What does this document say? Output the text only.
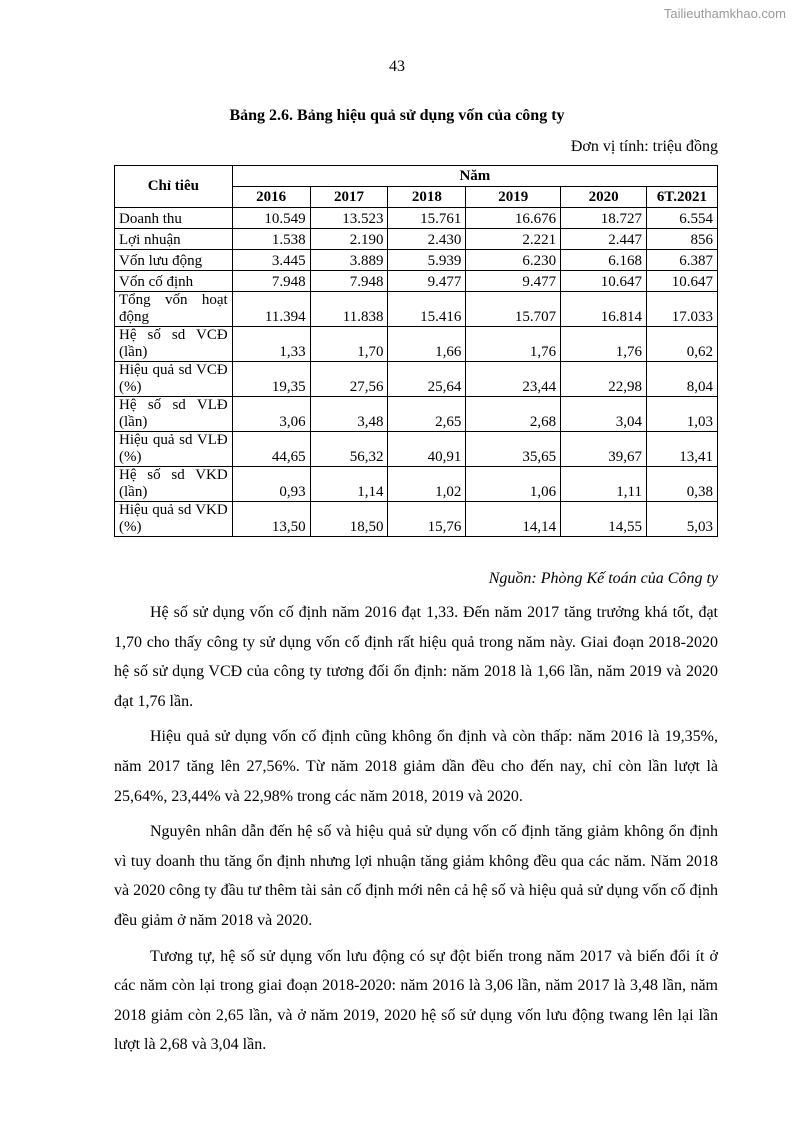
Tailieuthamkhao.com
43
Bảng 2.6. Bảng hiệu quả sử dụng vốn của công ty
Đơn vị tính: triệu đồng
Chỉ tiêu	Năm					
	2016	2017	2018	2019	2020	6T.2021
Doanh thu	10.549	13.523	15.761	16.676	18.727	6.554
Lợi nhuận	1.538	2.190	2.430	2.221	2.447	856
Vốn lưu động	3.445	3.889	5.939	6.230	6.168	6.387
Vốn cố định	7.948	7.948	9.477	9.477	10.647	10.647
Tổng vốn hoạt động	11.394	11.838	15.416	15.707	16.814	17.033
Hệ số sd VCĐ (lần)	1,33	1,70	1,66	1,76	1,76	0,62
Hiệu quả sd VCĐ (%)	19,35	27,56	25,64	23,44	22,98	8,04
Hệ số sd VLĐ (lần)	3,06	3,48	2,65	2,68	3,04	1,03
Hiệu quả sd VLĐ (%)	44,65	56,32	40,91	35,65	39,67	13,41
Hệ số sd VKD (lần)	0,93	1,14	1,02	1,06	1,11	0,38
Hiệu quả sd VKD (%)	13,50	18,50	15,76	14,14	14,55	5,03
Nguồn: Phòng Kế toán của Công ty

Hệ số sử dụng vốn cố định năm 2016 đạt 1,33. Đến năm 2017 tăng trưởng khá tốt, đạt 1,70 cho thấy công ty sử dụng vốn cố định rất hiệu quả trong năm này. Giai đoạn 2018-2020 hệ số sử dụng VCĐ của công ty tương đối ổn định: năm 2018 là 1,66 lần, năm 2019 và 2020 đạt 1,76 lần.

Hiệu quả sử dụng vốn cố định cũng không ổn định và còn thấp: năm 2016 là 19,35%, năm 2017 tăng lên 27,56%. Từ năm 2018 giảm dần đều cho đến nay, chỉ còn lần lượt là 25,64%, 23,44% và 22,98% trong các năm 2018, 2019 và 2020.

Nguyên nhân dẫn đến hệ số và hiệu quả sử dụng vốn cố định tăng giảm không ổn định vì tuy doanh thu tăng ổn định nhưng lợi nhuận tăng giảm không đều qua các năm. Năm 2018 và 2020 công ty đầu tư thêm tài sản cố định mới nên cả hệ số và hiệu quả sử dụng vốn cố định đều giảm ở năm 2018 và 2020.

Tương tự, hệ số sử dụng vốn lưu động có sự đột biến trong năm 2017 và biến đổi ít ở các năm còn lại trong giai đoạn 2018-2020: năm 2016 là 3,06 lần, năm 2017 là 3,48 lần, năm 2018 giảm còn 2,65 lần, và ở năm 2019, 2020 hệ số sử dụng vốn lưu động twang lên lại lần lượt là 2,68 và 3,04 lần.
